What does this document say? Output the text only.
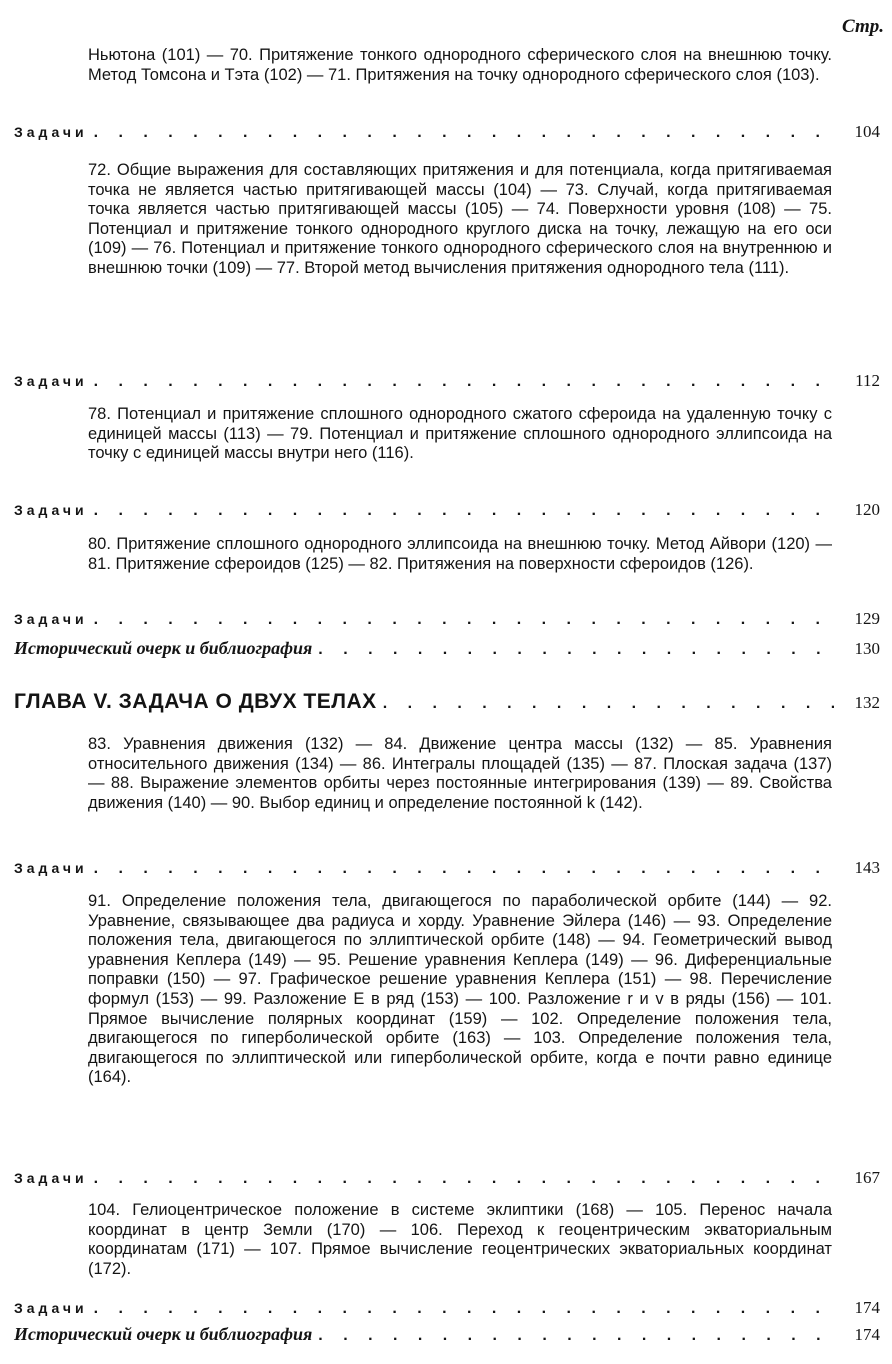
Стр.

Ньютона (101) — 70. Притяжение тонкого однородного сферического слоя на внешнюю точку. Метод Томсона и Тэта (102) — 71. Притяжения на точку однородного сферического слоя (103).

Задачи . . .	104

72. Общие выражения для составляющих притяжения и для потенциала, когда притягиваемая точка не является частью притягивающей массы (104) — 73. Случай, когда притягиваемая точка является частью притягивающей массы (105) — 74. Поверхности уровня (108) — 75. Потенциал и притяжение тонкого однородного круглого диска на точку, лежащую на его оси (109) — 76. Потенциал и притяжение тонкого однородного сферического слоя на внутреннюю и внешнюю точки (109) — 77. Второй метод вычисления притяжения однородного тела (111).

Задачи . . .	112

78. Потенциал и притяжение сплошного однородного сжатого сфероида на удаленную точку с единицей массы (113) — 79. Потенциал и притяжение сплошного однородного эллипсоида на точку с единицей массы внутри него (116).

Задачи . . .	120

80. Притяжение сплошного однородного эллипсоида на внешнюю точку. Метод Айвори (120) — 81. Притяжение сфероидов (125) — 82. Притяжения на поверхности сфероидов (126).

Задачи . . .	129
Исторический очерк и библиография . . .	130
ГЛАВА V. ЗАДАЧА О ДВУХ ТЕЛАХ . . .	132

83. Уравнения движения (132) — 84. Движение центра массы (132) — 85. Уравнения относительного движения (134) — 86. Интегралы площадей (135) — 87. Плоская задача (137) — 88. Выражение элементов орбиты через постоянные интегрирования (139) — 89. Свойства движения (140) — 90. Выбор единиц и определение постоянной k (142).

Задачи . . .	143

91. Определение положения тела, двигающегося по параболической орбите (144) — 92. Уравнение, связывающее два радиуса и хорду. Уравнение Эйлера (146) — 93. Определение положения тела, двигающегося по эллиптической орбите (148) — 94. Геометрический вывод уравнения Кеплера (149) — 95. Решение уравнения Кеплера (149) — 96. Диференциальные поправки (150) — 97. Графическое решение уравнения Кеплера (151) — 98. Перечисление формул (153) — 99. Разложение E в ряд (153) — 100. Разложение r и v в ряды (156) — 101. Прямое вычисление полярных координат (159) — 102. Определение положения тела, двигающегося по гиперболической орбите (163) — 103. Определение положения тела, двигающегося по эллиптической или гиперболической орбите, когда e почти равно единице (164).

Задачи . . .	167

104. Гелиоцентрическое положение в системе эклиптики (168) — 105. Перенос начала координат в центр Земли (170) — 106. Переход к геоцентрическим экваториальным координатам (171) — 107. Прямое вычисление геоцентрических экваториальных координат (172).

Задачи . . .	174
Исторический очерк и библиография . . .	174
